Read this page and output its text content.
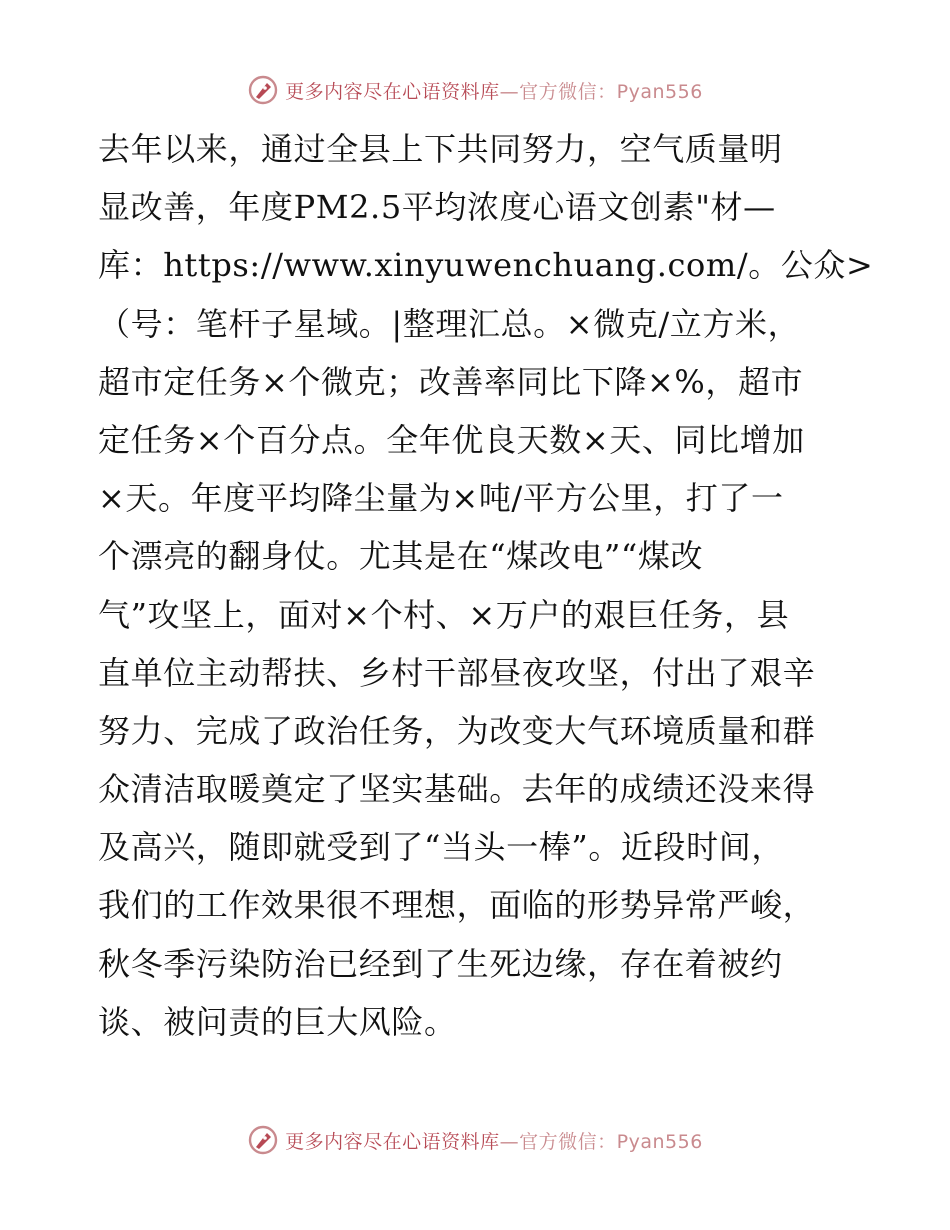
更多内容尽在心语资料库—官方微信：Pyan556
去年以来，通过全县上下共同努力，空气质量明
显改善，年度PM2.5平均浓度心语文创素"材—
库：https://www.xinyuwenchuang.com/。公众>
（号：笔杆子星域。|整理汇总。×微克/立方米，
超市定任务×个微克；改善率同比下降×%，超市
定任务×个百分点。全年优良天数×天、同比增加
×天。年度平均降尘量为×吨/平方公里，打了一
个漂亮的翻身仗。尤其是在“煤改电”“煤改
气”攻坚上，面对×个村、×万户的艰巨任务，县
直单位主动帮扶、乡村干部昼夜攻坚，付出了艰辛
努力、完成了政治任务，为改变大气环境质量和群
众清洁取暖奠定了坚实基础。去年的成绩还没来得
及高兴，随即就受到了“当头一棒”。近段时间，
我们的工作效果很不理想，面临的形势异常严峻，
秋冬季污染防治已经到了生死边缘，存在着被约
谈、被问责的巨大风险。
更多内容尽在心语资料库—官方微信：Pyan556
